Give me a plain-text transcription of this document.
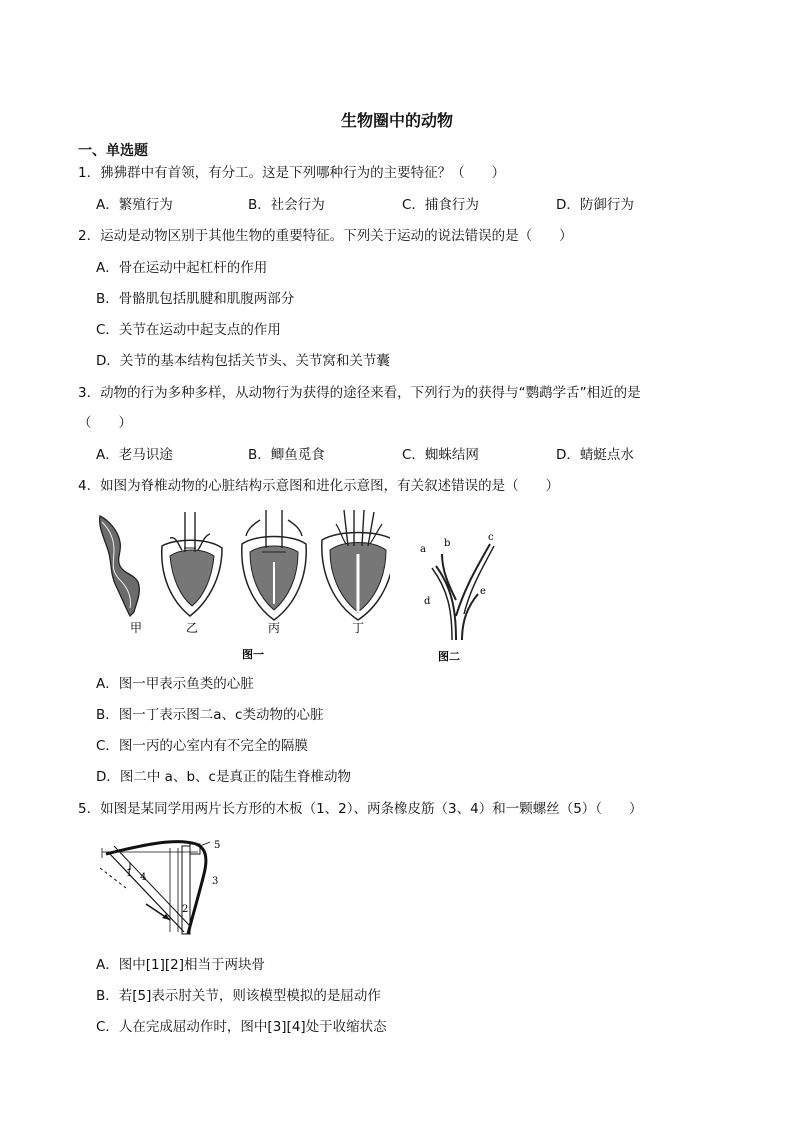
生物圈中的动物
一、单选题
1．狒狒群中有首领，有分工。这是下列哪种行为的主要特征？（　　）
A．繁殖行为	B．社会行为	C．捕食行为	D．防御行为
2．运动是动物区别于其他生物的重要特征。下列关于运动的说法错误的是（　　）
A．骨在运动中起杠杆的作用
B．骨骼肌包括肌腱和肌腹两部分
C．关节在运动中起支点的作用
D．关节的基本结构包括关节头、关节窝和关节囊
3．动物的行为多种多样，从动物行为获得的途径来看，下列行为的获得与“鹦鹉学舌”相近的是
（　　）
A．老马识途	B．鲫鱼觅食	C．蜘蛛结网	D．蜻蜓点水
4．如图为脊椎动物的心脏结构示意图和进化示意图，有关叙述错误的是（　　）
甲	乙	丙	丁
图一
a
b
c
d
e
图二
A．图一甲表示鱼类的心脏
B．图一丁表示图二a、c类动物的心脏
C．图一丙的心室内有不完全的隔膜
D．图二中 a、b、c是真正的陆生脊椎动物
5．如图是某同学用两片长方形的木板（1、2）、两条橡皮筋（3、4）和一颗螺丝（5）（　　）
1
2
3
4
5
A．图中[1][2]相当于两块骨
B．若[5]表示肘关节，则该模型模拟的是屈动作
C．人在完成屈动作时，图中[3][4]处于收缩状态
